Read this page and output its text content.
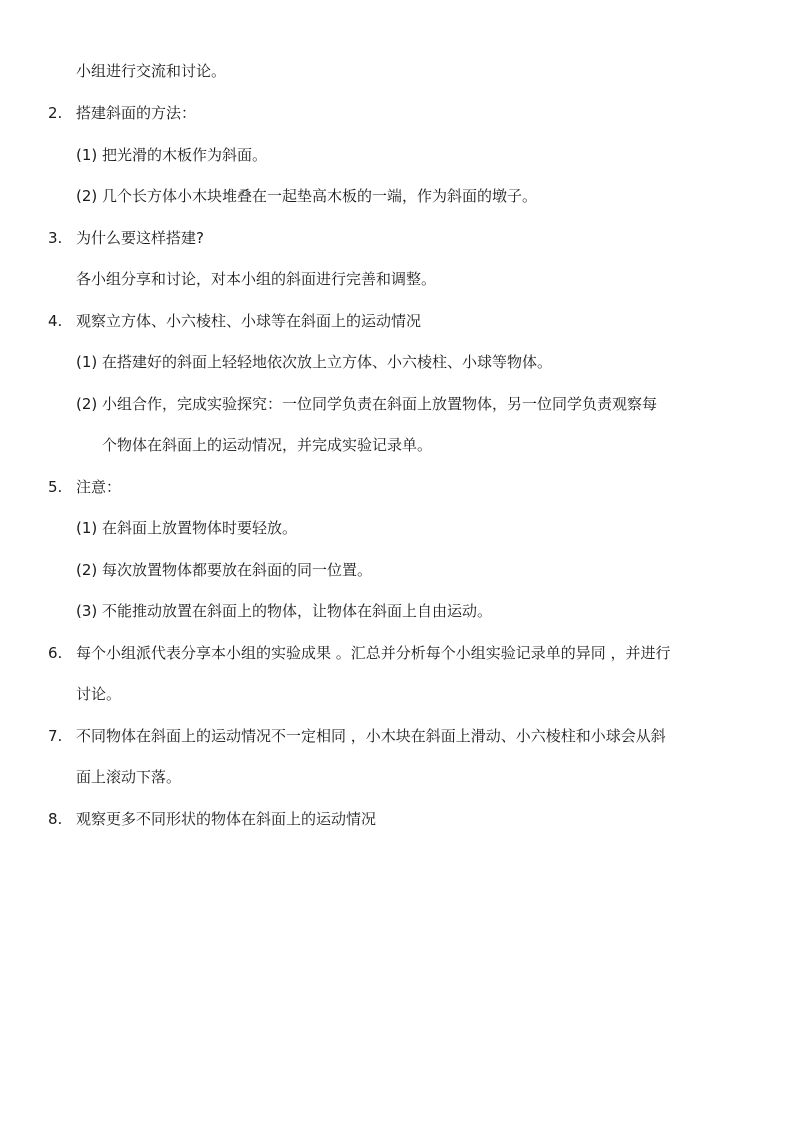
小组进行交流和讨论。
2. 搭建斜面的方法：
(1) 把光滑的木板作为斜面。
(2) 几个长方体小木块堆叠在一起垫高木板的一端，作为斜面的墩子。
3. 为什么要这样搭建?
各小组分享和讨论，对本小组的斜面进行完善和调整。
4. 观察立方体、小六棱柱、小球等在斜面上的运动情况
(1) 在搭建好的斜面上轻轻地依次放上立方体、小六棱柱、小球等物体。
(2) 小组合作，完成实验探究：一位同学负责在斜面上放置物体，另一位同学负责观察每
个物体在斜面上的运动情况，并完成实验记录单。
5. 注意：
(1) 在斜面上放置物体时要轻放。
(2) 每次放置物体都要放在斜面的同一位置。
(3) 不能推动放置在斜面上的物体，让物体在斜面上自由运动。
6. 每个小组派代表分享本小组的实验成果 。汇总并分析每个小组实验记录单的异同 ，并进行
讨论。
7. 不同物体在斜面上的运动情况不一定相同 ，小木块在斜面上滑动、小六棱柱和小球会从斜
面上滚动下落。
8. 观察更多不同形状的物体在斜面上的运动情况
